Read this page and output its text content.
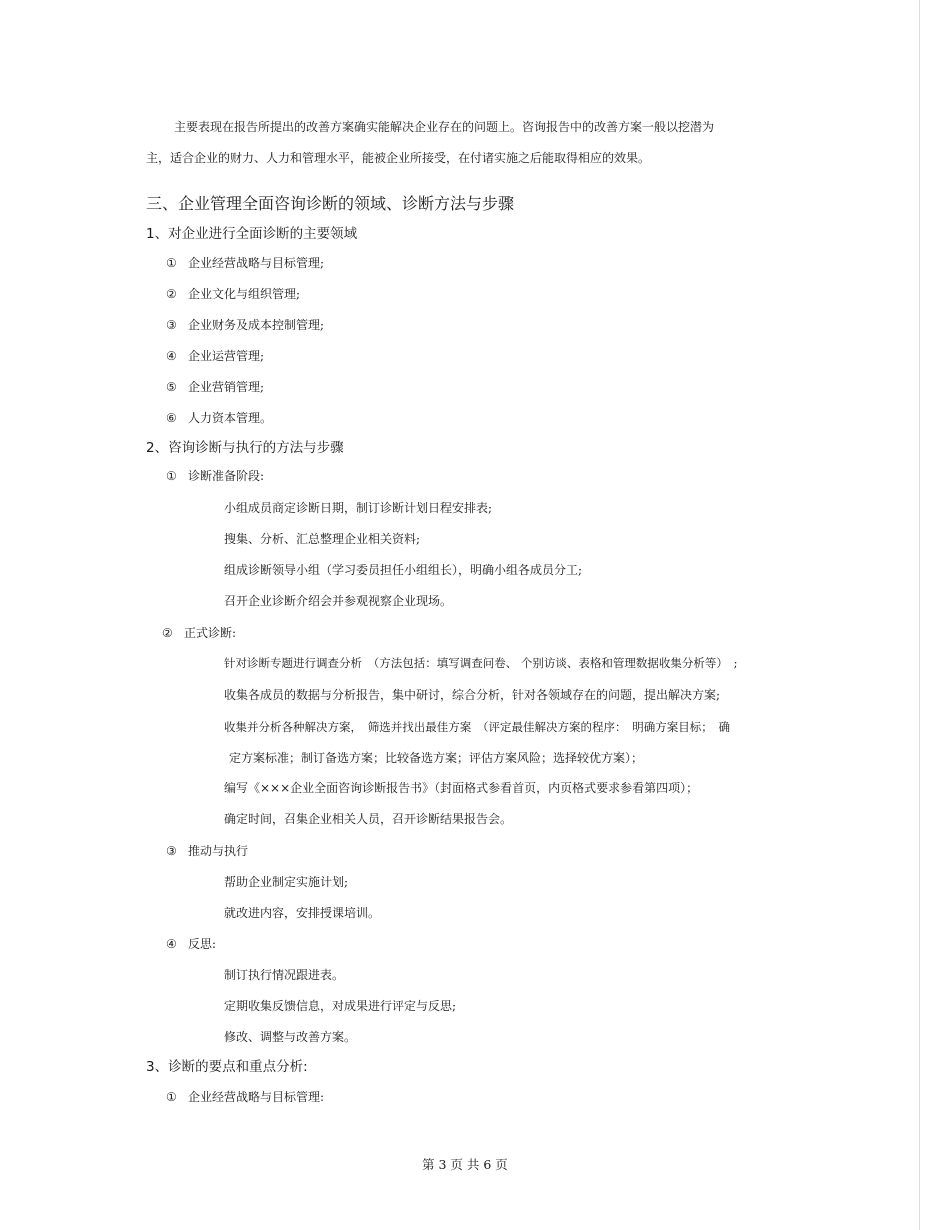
主要表现在报告所提出的改善方案确实能解决企业存在的问题上。咨询报告中的改善方案一般以挖潜为
主，适合企业的财力、人力和管理水平，能被企业所接受，在付诸实施之后能取得相应的效果。
三、企业管理全面咨询诊断的领域、诊断方法与步骤
1、对企业进行全面诊断的主要领域
① 企业经营战略与目标管理;
② 企业文化与组织管理;
③ 企业财务及成本控制管理;
④ 企业运营管理;
⑤ 企业营销管理;
⑥ 人力资本管理。
2、咨询诊断与执行的方法与步骤
① 诊断准备阶段:
小组成员商定诊断日期，制订诊断计划日程安排表;
搜集、分析、汇总整理企业相关资料;
组成诊断领导小组（学习委员担任小组组长），明确小组各成员分工;
召开企业诊断介绍会并参观视察企业现场。
② 正式诊断:
针对诊断专题进行调查分析　（方法包括：填写调查问卷、 个别访谈、表格和管理数据收集分析等）　;
收集各成员的数据与分析报告，集中研讨，综合分析，针对各领域存在的问题，提出解决方案;
收集并分析各种解决方案，　筛选并找出最佳方案　（评定最佳解决方案的程序：　明确方案目标；　确
定方案标准；制订备选方案；比较备选方案；评估方案风险；选择较优方案）；
编写《×××企业全面咨询诊断报告书》（封面格式参看首页，内页格式要求参看第四项）；
确定时间，召集企业相关人员，召开诊断结果报告会。
③ 推动与执行
帮助企业制定实施计划;
就改进内容，安排授课培训。
④ 反思:
制订执行情况跟进表。
定期收集反馈信息，对成果进行评定与反思;
修改、调整与改善方案。
3、诊断的要点和重点分析:
① 企业经营战略与目标管理:
第 3 页 共 6 页
